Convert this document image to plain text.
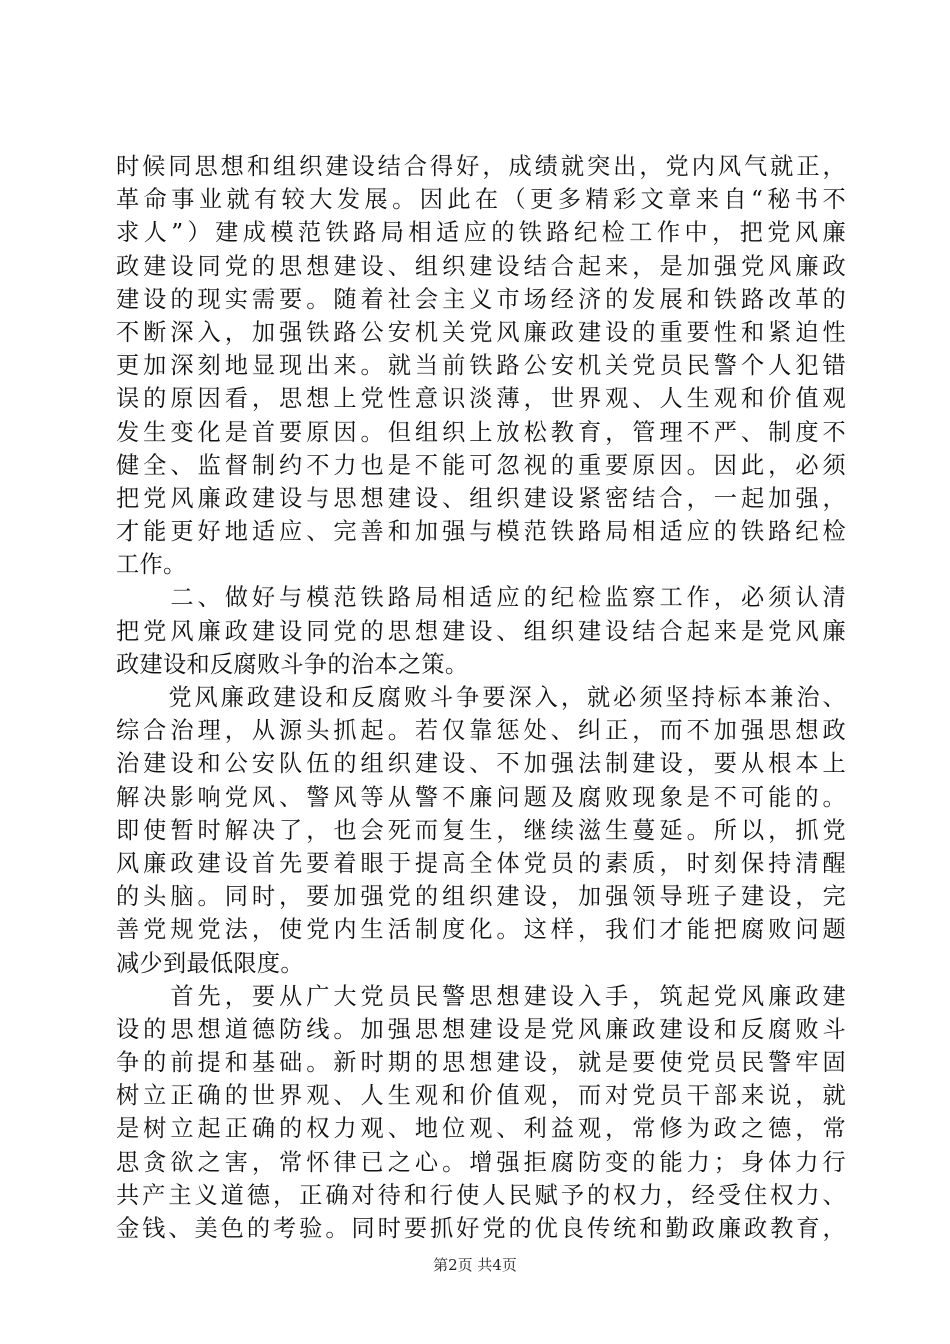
时候同思想和组织建设结合得好，成绩就突出，党内风气就正，
革命事业就有较大发展。因此在（更多精彩文章来自“秘书不
求人”）建成模范铁路局相适应的铁路纪检工作中，把党风廉
政建设同党的思想建设、组织建设结合起来，是加强党风廉政
建设的现实需要。随着社会主义市场经济的发展和铁路改革的
不断深入，加强铁路公安机关党风廉政建设的重要性和紧迫性
更加深刻地显现出来。就当前铁路公安机关党员民警个人犯错
误的原因看，思想上党性意识淡薄，世界观、人生观和价值观
发生变化是首要原因。但组织上放松教育，管理不严、制度不
健全、监督制约不力也是不能可忽视的重要原因。因此，必须
把党风廉政建设与思想建设、组织建设紧密结合，一起加强，
才能更好地适应、完善和加强与模范铁路局相适应的铁路纪检
工作。
　　二、做好与模范铁路局相适应的纪检监察工作，必须认清
把党风廉政建设同党的思想建设、组织建设结合起来是党风廉
政建设和反腐败斗争的治本之策。
　　党风廉政建设和反腐败斗争要深入，就必须坚持标本兼治、
综合治理，从源头抓起。若仅靠惩处、纠正，而不加强思想政
治建设和公安队伍的组织建设、不加强法制建设，要从根本上
解决影响党风、警风等从警不廉问题及腐败现象是不可能的。
即使暂时解决了，也会死而复生，继续滋生蔓延。所以，抓党
风廉政建设首先要着眼于提高全体党员的素质，时刻保持清醒
的头脑。同时，要加强党的组织建设，加强领导班子建设，完
善党规党法，使党内生活制度化。这样，我们才能把腐败问题
减少到最低限度。
　　首先，要从广大党员民警思想建设入手，筑起党风廉政建
设的思想道德防线。加强思想建设是党风廉政建设和反腐败斗
争的前提和基础。新时期的思想建设，就是要使党员民警牢固
树立正确的世界观、人生观和价值观，而对党员干部来说，就
是树立起正确的权力观、地位观、利益观，常修为政之德，常
思贪欲之害，常怀律已之心。增强拒腐防变的能力；身体力行
共产主义道德，正确对待和行使人民赋予的权力，经受住权力、
金钱、美色的考验。同时要抓好党的优良传统和勤政廉政教育，
第2页 共4页
